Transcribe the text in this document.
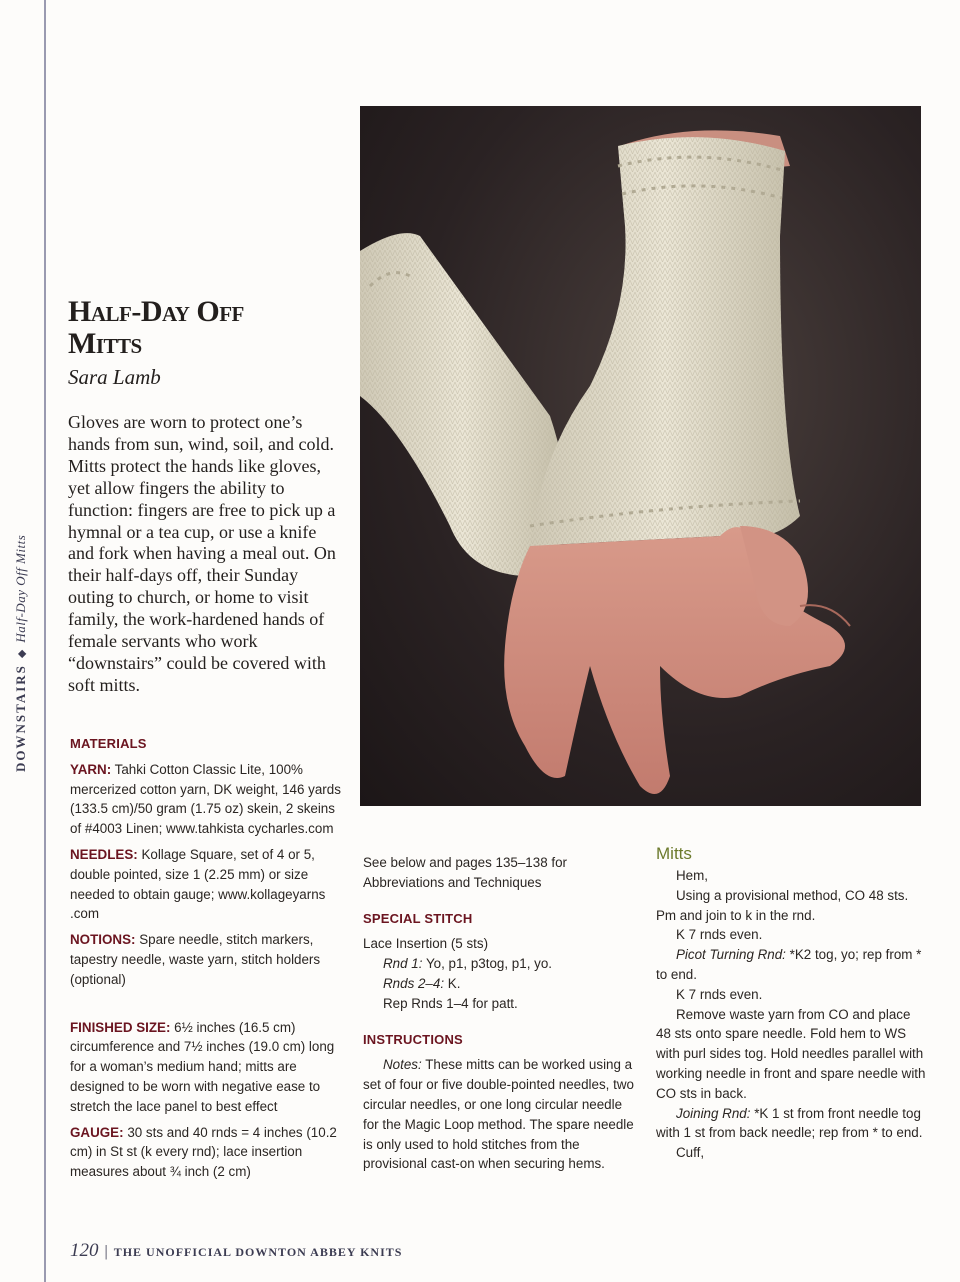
DOWNSTAIRS◆Half-Day Off Mitts
Half-Day Off
Mitts
Sara Lamb
Gloves are worn to protect one’s hands from sun, wind, soil, and cold. Mitts protect the hands like gloves, yet allow fingers the ability to function: fingers are free to pick up a hymnal or a tea cup, or use a knife and fork when having a meal out. On their half-days off, their Sunday outing to church, or home to visit family, the work-hardened hands of female servants who work “downstairs” could be covered with soft mitts.

MATERIALS

YARN: Tahki Cotton Classic Lite, 100% mercerized cotton yarn, DK weight, 146 yards (133.5 cm)/50 gram (1.75 oz) skein, 2 skeins of #4003 Linen; www.tahkista cycharles.com

NEEDLES: Kollage Square, set of 4 or 5, double pointed, size 1 (2.25 mm) or size needed to obtain gauge; www.kollageyarns .com

NOTIONS: Spare needle, stitch markers, tapestry needle, waste yarn, stitch holders (optional)

FINISHED SIZE: 6½ inches (16.5 cm) circumference and 7½ inches (19.0 cm) long for a woman’s medium hand; mitts are designed to be worn with negative ease to stretch the lace panel to best effect

GAUGE: 30 sts and 40 rnds = 4 inches (10.2 cm) in St st (k every rnd); lace insertion measures about ¾ inch (2 cm)

See below and pages 135–138 for Abbreviations and Techniques

SPECIAL STITCH

Lace Insertion (5 sts)

Rnd 1: Yo, p1, p3tog, p1, yo.

Rnds 2–4: K.

Rep Rnds 1–4 for patt.

INSTRUCTIONS

Notes: These mitts can be worked using a set of four or five double-pointed needles, two circular needles, or one long circular needle for the Magic Loop method. The spare needle is only used to hold stitches from the provisional cast-on when securing hems.

Mitts

Hem,

Using a provisional method, CO 48 sts. Pm and join to k in the rnd.

K 7 rnds even.

Picot Turning Rnd: *K2 tog, yo; rep from * to end.

K 7 rnds even.

Remove waste yarn from CO and place 48 sts onto spare needle. Fold hem to WS with purl sides tog. Hold needles parallel with working needle in front and spare needle with CO sts in back.

Joining Rnd: *K 1 st from front needle tog with 1 st from back needle; rep from * to end.

Cuff,

120 | THE UNOFFICIAL DOWNTON ABBEY KNITS
